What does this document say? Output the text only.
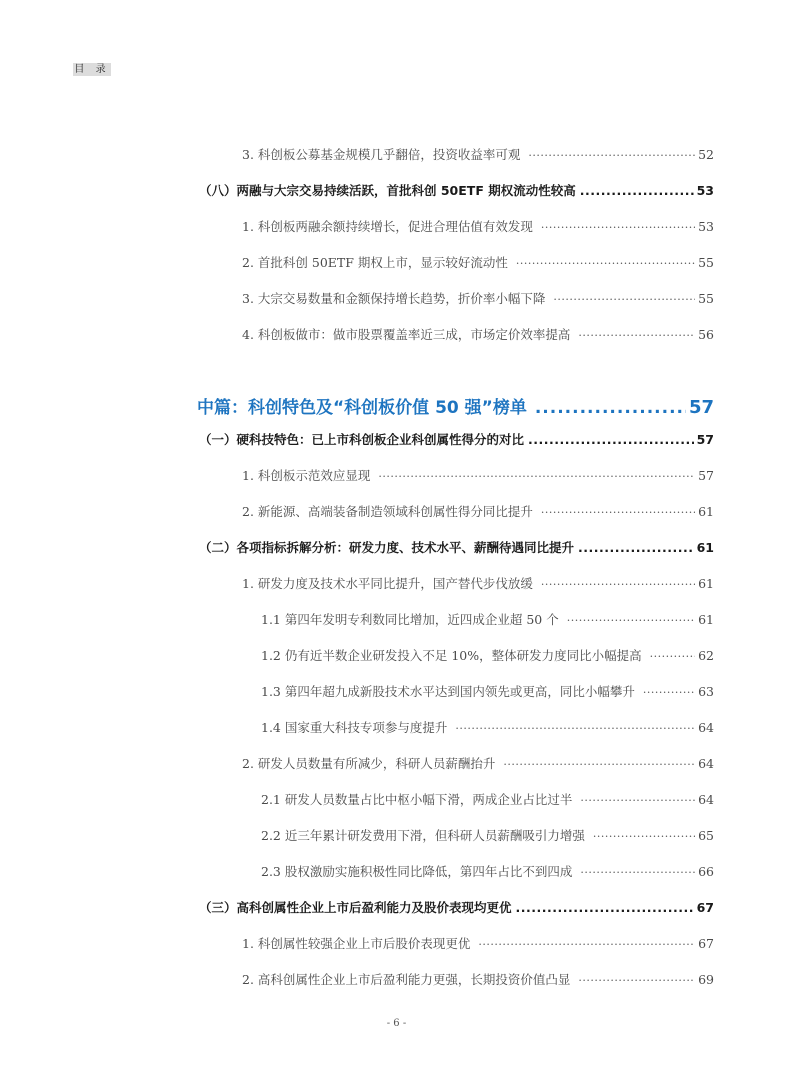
目 录
3. 科创板公募基金规模几乎翻倍，投资收益率可观 ·····	52
（八）两融与大宗交易持续活跃，首批科创 50ETF 期权流动性较高 .....	53
1. 科创板两融余额持续增长，促进合理估值有效发现 ·····	53
2. 首批科创 50ETF 期权上市，显示较好流动性 ·····	55
3. 大宗交易数量和金额保持增长趋势，折价率小幅下降 ·····	55
4. 科创板做市：做市股票覆盖率近三成，市场定价效率提高 ·····	56
中篇：科创特色及“科创板价值 50 强”榜单 .....	57
（一）硬科技特色：已上市科创板企业科创属性得分的对比 .....	57
1. 科创板示范效应显现 ·····	57
2. 新能源、高端装备制造领域科创属性得分同比提升 ·····	61
（二）各项指标拆解分析：研发力度、技术水平、薪酬待遇同比提升 .....	61
1. 研发力度及技术水平同比提升，国产替代步伐放缓 ·····	61
1.1 第四年发明专利数同比增加，近四成企业超 50 个 ·····	61
1.2 仍有近半数企业研发投入不足 10%，整体研发力度同比小幅提高 ·····	62
1.3 第四年超九成新股技术水平达到国内领先或更高，同比小幅攀升 ·····	63
1.4 国家重大科技专项参与度提升 ·····	64
2. 研发人员数量有所减少，科研人员薪酬抬升 ·····	64
2.1 研发人员数量占比中枢小幅下滑，两成企业占比过半 ·····	64
2.2 近三年累计研发费用下滑，但科研人员薪酬吸引力增强 ·····	65
2.3 股权激励实施积极性同比降低，第四年占比不到四成 ·····	66
（三）高科创属性企业上市后盈利能力及股价表现均更优 .....	67
1. 科创属性较强企业上市后股价表现更优 ·····	67
2. 高科创属性企业上市后盈利能力更强，长期投资价值凸显 ·····	69
- 6 -
